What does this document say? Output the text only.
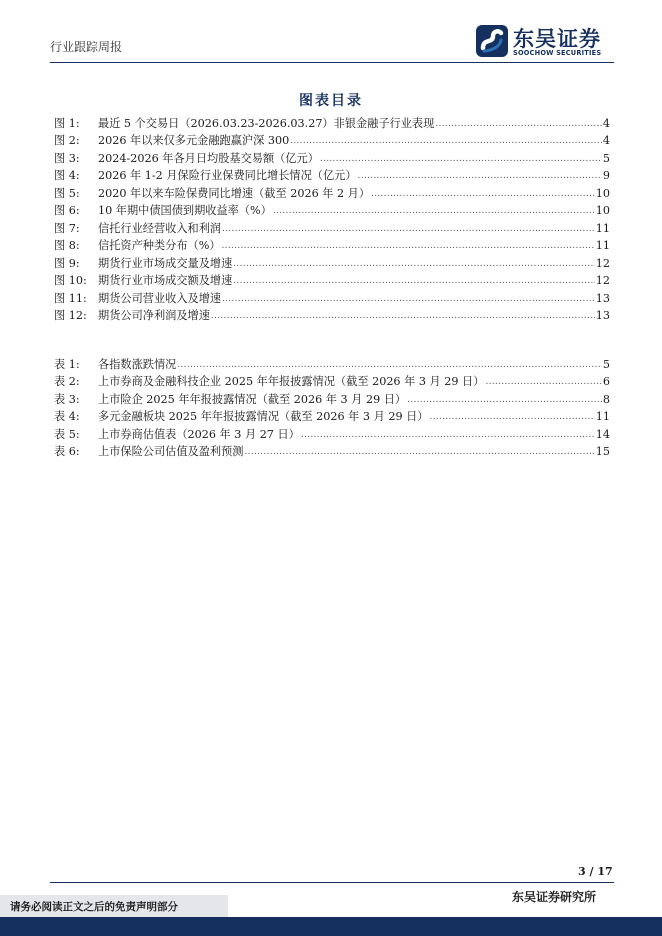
行业跟踪周报	东吴证券
SOOCHOW SECURITIES
图表目录
图 1:	最近 5 个交易日（2026.03.23-2026.03.27）非银金融子行业表现 .....	4
图 2:	2026 年以来仅多元金融跑赢沪深 300 .....	4
图 3:	2024-2026 年各月日均股基交易额（亿元） .....	5
图 4:	2026 年 1-2 月保险行业保费同比增长情况（亿元） .....	9
图 5:	2020 年以来车险保费同比增速（截至 2026 年 2 月） .....	10
图 6:	10 年期中债国债到期收益率（%） .....	10
图 7:	信托行业经营收入和利润 .....	11
图 8:	信托资产种类分布（%） .....	11
图 9:	期货行业市场成交量及增速 .....	12
图 10:	期货行业市场成交额及增速 .....	12
图 11:	期货公司营业收入及增速 .....	13
图 12:	期货公司净利润及增速 .....	13
表 1:	各指数涨跌情况 .....	5
表 2:	上市券商及金融科技企业 2025 年年报披露情况（截至 2026 年 3 月 29 日） .....	6
表 3:	上市险企 2025 年年报披露情况（截至 2026 年 3 月 29 日） .....	8
表 4:	多元金融板块 2025 年年报披露情况（截至 2026 年 3 月 29 日） .....	11
表 5:	上市券商估值表（2026 年 3 月 27 日） .....	14
表 6:	上市保险公司估值及盈利预测 .....	15
3 / 17
东吴证券研究所
请务必阅读正文之后的免责声明部分
